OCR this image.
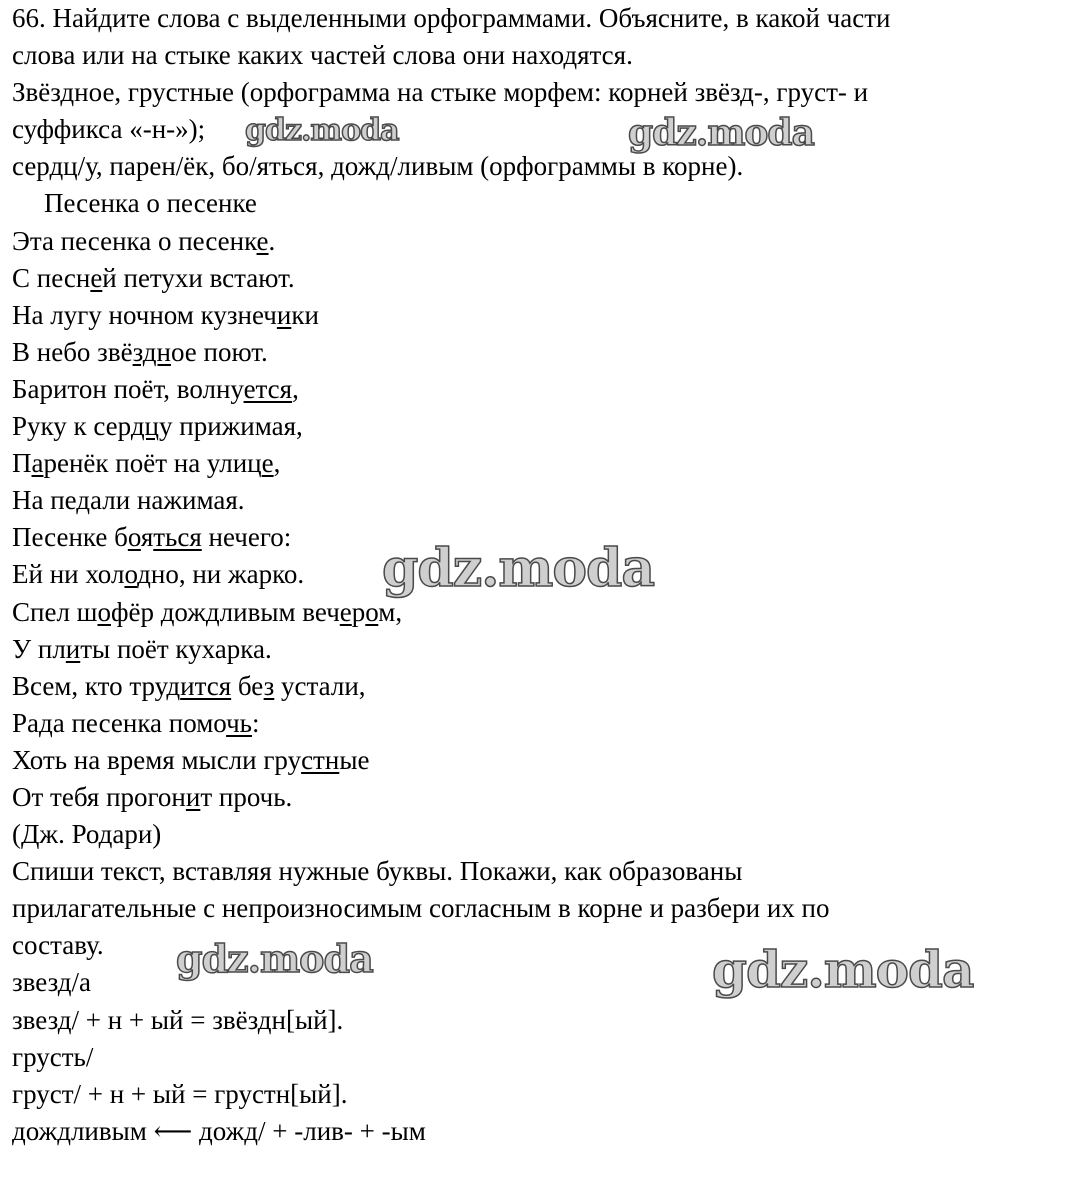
66. Найдите слова с выделенными орфограммами. Объясните, в какой части
слова или на стыке каких частей слова они находятся.
Звёздное, грустные (орфограмма на стыке морфем: корней звёзд-, груст- и
суффикса «-н-»);
сердц/у, парен/ёк, бо/яться, дожд/ливым (орфограммы в корне).
Песенка о песенке
Эта песенка о песенке.
С песней петухи встают.
На лугу ночном кузнечики
В небо звёздное поют.
Баритон поёт, волнуется,
Руку к сердцу прижимая,
Паренёк поёт на улице,
На педали нажимая.
Песенке бояться нечего:
Ей ни холодно, ни жарко.
Спел шофёр дождливым вечером,
У плиты поёт кухарка.
Всем, кто трудится без устали,
Рада песенка помочь:
Хоть на время мысли грустные
От тебя прогонит прочь.
(Дж. Родари)
Спиши текст, вставляя нужные буквы. Покажи, как образованы
прилагательные с непроизносимым согласным в корне и разбери их по
составу.
звезд/а
звезд/ + н + ый = звёздн[ый].
грусть/
груст/ + н + ый = грустн[ый].
дождливым ⟵ дожд/ + -лив- + -ым
gdz.moda	gdz.moda
gdz.moda
gdz.moda	gdz.moda
